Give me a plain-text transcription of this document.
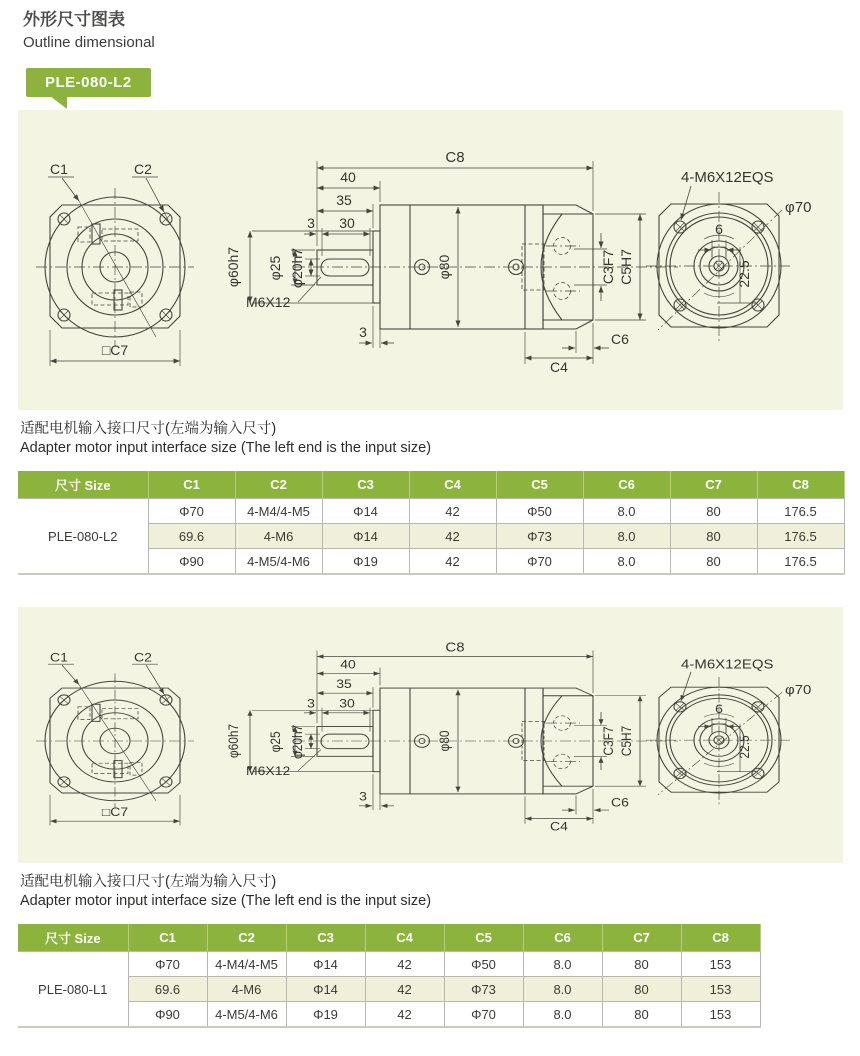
外形尺寸图表

Outline dimensional

PLE-080-L2
C1	C2
□C7
C8
40
35
3 30
φ25 φ20h7
φ60h7
M6X12
φ80	C3F7 C5H7
3
C4
C6
4-M6X12EQS
φ70
6
22.5
适配电机输入接口尺寸(左端为输入尺寸)
Adapter motor input interface size (The left end is the input size)
尺寸 Size	C1	C2	C3	C4	C5	C6	C7	C8
PLE-080-L2	Φ70	4-M4/4-M5	Φ14	42	Φ50	8.0	80	176.5
	69.6	4-M6	Φ14	42	Φ73	8.0	80	176.5
	Φ90	4-M5/4-M6	Φ19	42	Φ70	8.0	80	176.5
C1	C2
□C7
C8
40
35
3 30
φ25 φ20h7
φ60h7
M6X12
φ80	C3F7 C5H7
3
C4
C6
4-M6X12EQS
φ70
6
22.5
适配电机输入接口尺寸(左端为输入尺寸)
Adapter motor input interface size (The left end is the input size)
尺寸 Size	C1	C2	C3	C4	C5	C6	C7	C8
PLE-080-L1	Φ70	4-M4/4-M5	Φ14	42	Φ50	8.0	80	153
	69.6	4-M6	Φ14	42	Φ73	8.0	80	153
	Φ90	4-M5/4-M6	Φ19	42	Φ70	8.0	80	153
